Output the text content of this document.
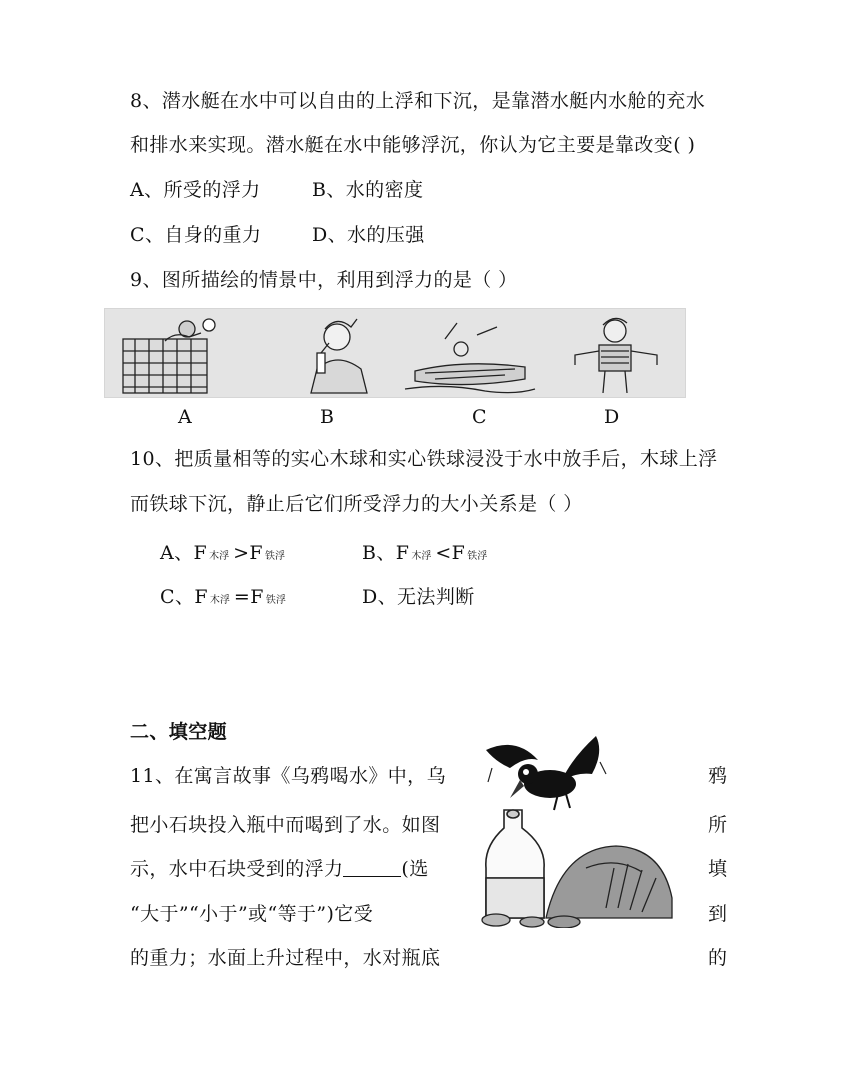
8、潜水艇在水中可以自由的上浮和下沉，是靠潜水艇内水舱的充水
和排水来实现。潜水艇在水中能够浮沉，你认为它主要是靠改变( )
A、所受的浮力	B、水的密度
C、自身的重力	D、水的压强
9、图所描绘的情景中，利用到浮力的是（ ）
A	B	C	D
10、把质量相等的实心木球和实心铁球浸没于水中放手后，木球上浮
而铁球下沉，静止后它们所受浮力的大小关系是（ ）
A、F 木浮 >F 铁浮	B、F 木浮 <F 铁浮
C、F 木浮 =F 铁浮	D、无法判断
二、填空题
11、在寓言故事《乌鸦喝水》中，乌	鸦
把小石块投入瓶中而喝到了水。如图	所
示，水中石块受到的浮力	(选	填
“大于”“小于”或“等于”)它受	到
的重力；水面上升过程中，水对瓶底	的
